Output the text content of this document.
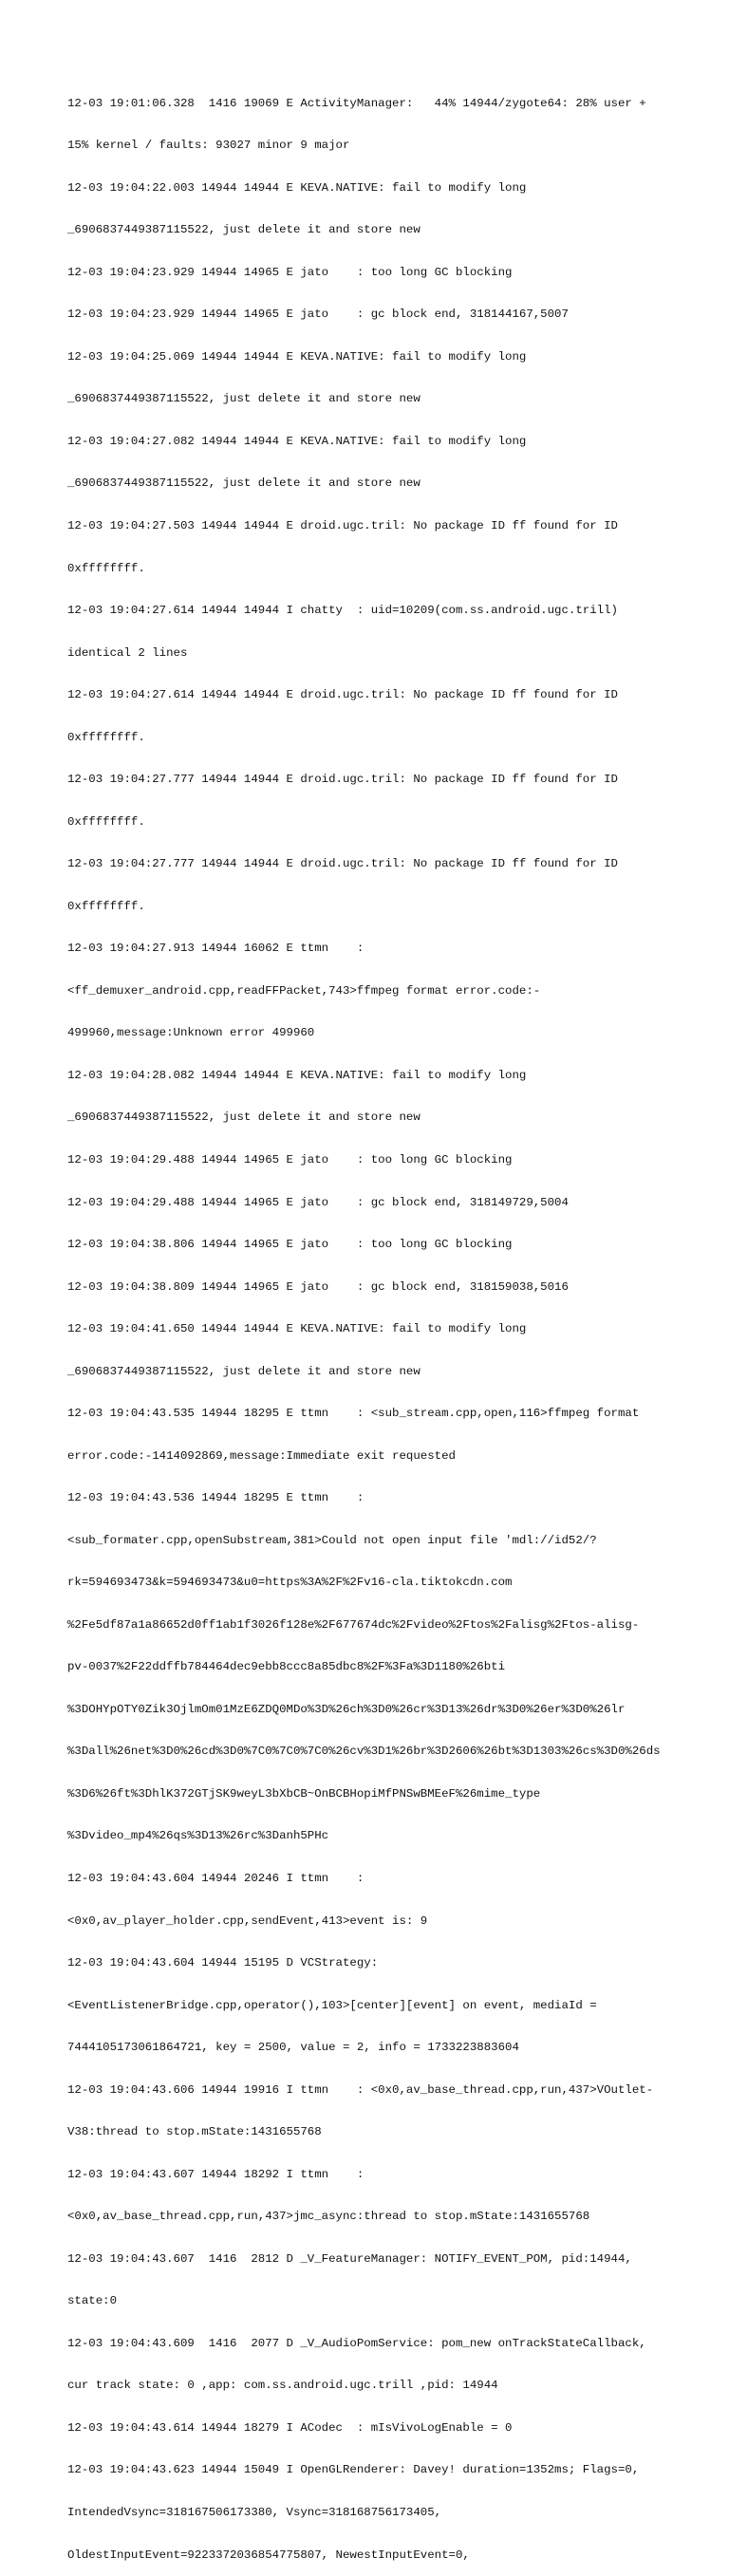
12-03 19:01:06.328  1416 19069 E ActivityManager:   44% 14944/zygote64: 28% user +

15% kernel / faults: 93027 minor 9 major

12-03 19:04:22.003 14944 14944 E KEVA.NATIVE: fail to modify long

_6906837449387115522, just delete it and store new

12-03 19:04:23.929 14944 14965 E jato    : too long GC blocking

12-03 19:04:23.929 14944 14965 E jato    : gc block end, 318144167,5007

12-03 19:04:25.069 14944 14944 E KEVA.NATIVE: fail to modify long

_6906837449387115522, just delete it and store new

12-03 19:04:27.082 14944 14944 E KEVA.NATIVE: fail to modify long

_6906837449387115522, just delete it and store new

12-03 19:04:27.503 14944 14944 E droid.ugc.tril: No package ID ff found for ID

0xffffffff.

12-03 19:04:27.614 14944 14944 I chatty  : uid=10209(com.ss.android.ugc.trill)

identical 2 lines

12-03 19:04:27.614 14944 14944 E droid.ugc.tril: No package ID ff found for ID

0xffffffff.

12-03 19:04:27.777 14944 14944 E droid.ugc.tril: No package ID ff found for ID

0xffffffff.

12-03 19:04:27.777 14944 14944 E droid.ugc.tril: No package ID ff found for ID

0xffffffff.

12-03 19:04:27.913 14944 16062 E ttmn    :

<ff_demuxer_android.cpp,readFFPacket,743>ffmpeg format error.code:-

499960,message:Unknown error 499960

12-03 19:04:28.082 14944 14944 E KEVA.NATIVE: fail to modify long

_6906837449387115522, just delete it and store new

12-03 19:04:29.488 14944 14965 E jato    : too long GC blocking

12-03 19:04:29.488 14944 14965 E jato    : gc block end, 318149729,5004

12-03 19:04:38.806 14944 14965 E jato    : too long GC blocking

12-03 19:04:38.809 14944 14965 E jato    : gc block end, 318159038,5016

12-03 19:04:41.650 14944 14944 E KEVA.NATIVE: fail to modify long

_6906837449387115522, just delete it and store new

12-03 19:04:43.535 14944 18295 E ttmn    : <sub_stream.cpp,open,116>ffmpeg format

error.code:-1414092869,message:Immediate exit requested

12-03 19:04:43.536 14944 18295 E ttmn    :

<sub_formater.cpp,openSubstream,381>Could not open input file 'mdl://id52/?

rk=594693473&k=594693473&u0=https%3A%2F%2Fv16-cla.tiktokcdn.com

%2Fe5df87a1a86652d0ff1ab1f3026f128e%2F677674dc%2Fvideo%2Ftos%2Falisg%2Ftos-alisg-

pv-0037%2F22ddffb784464dec9ebb8ccc8a85dbc8%2F%3Fa%3D1180%26bti

%3DOHYpOTY0Zik3OjlmOm01MzE6ZDQ0MDo%3D%26ch%3D0%26cr%3D13%26dr%3D0%26er%3D0%26lr

%3Dall%26net%3D0%26cd%3D0%7C0%7C0%7C0%26cv%3D1%26br%3D2606%26bt%3D1303%26cs%3D0%26ds

%3D6%26ft%3DhlK372GTjSK9weyL3bXbCB~OnBCBHopiMfPNSwBMEeF%26mime_type

%3Dvideo_mp4%26qs%3D13%26rc%3Danh5PHc

12-03 19:04:43.604 14944 20246 I ttmn    :

<0x0,av_player_holder.cpp,sendEvent,413>event is: 9

12-03 19:04:43.604 14944 15195 D VCStrategy:

<EventListenerBridge.cpp,operator(),103>[center][event] on event, mediaId =

7444105173061864721, key = 2500, value = 2, info = 1733223883604

12-03 19:04:43.606 14944 19916 I ttmn    : <0x0,av_base_thread.cpp,run,437>VOutlet-

V38:thread to stop.mState:1431655768

12-03 19:04:43.607 14944 18292 I ttmn    :

<0x0,av_base_thread.cpp,run,437>jmc_async:thread to stop.mState:1431655768

12-03 19:04:43.607  1416  2812 D _V_FeatureManager: NOTIFY_EVENT_POM, pid:14944,

state:0

12-03 19:04:43.609  1416  2077 D _V_AudioPomService: pom_new onTrackStateCallback,

cur track state: 0 ,app: com.ss.android.ugc.trill ,pid: 14944

12-03 19:04:43.614 14944 18279 I ACodec  : mIsVivoLogEnable = 0

12-03 19:04:43.623 14944 15049 I OpenGLRenderer: Davey! duration=1352ms; Flags=0,

IntendedVsync=318167506173380, Vsync=318168756173405,

OldestInputEvent=9223372036854775807, NewestInputEvent=0,
